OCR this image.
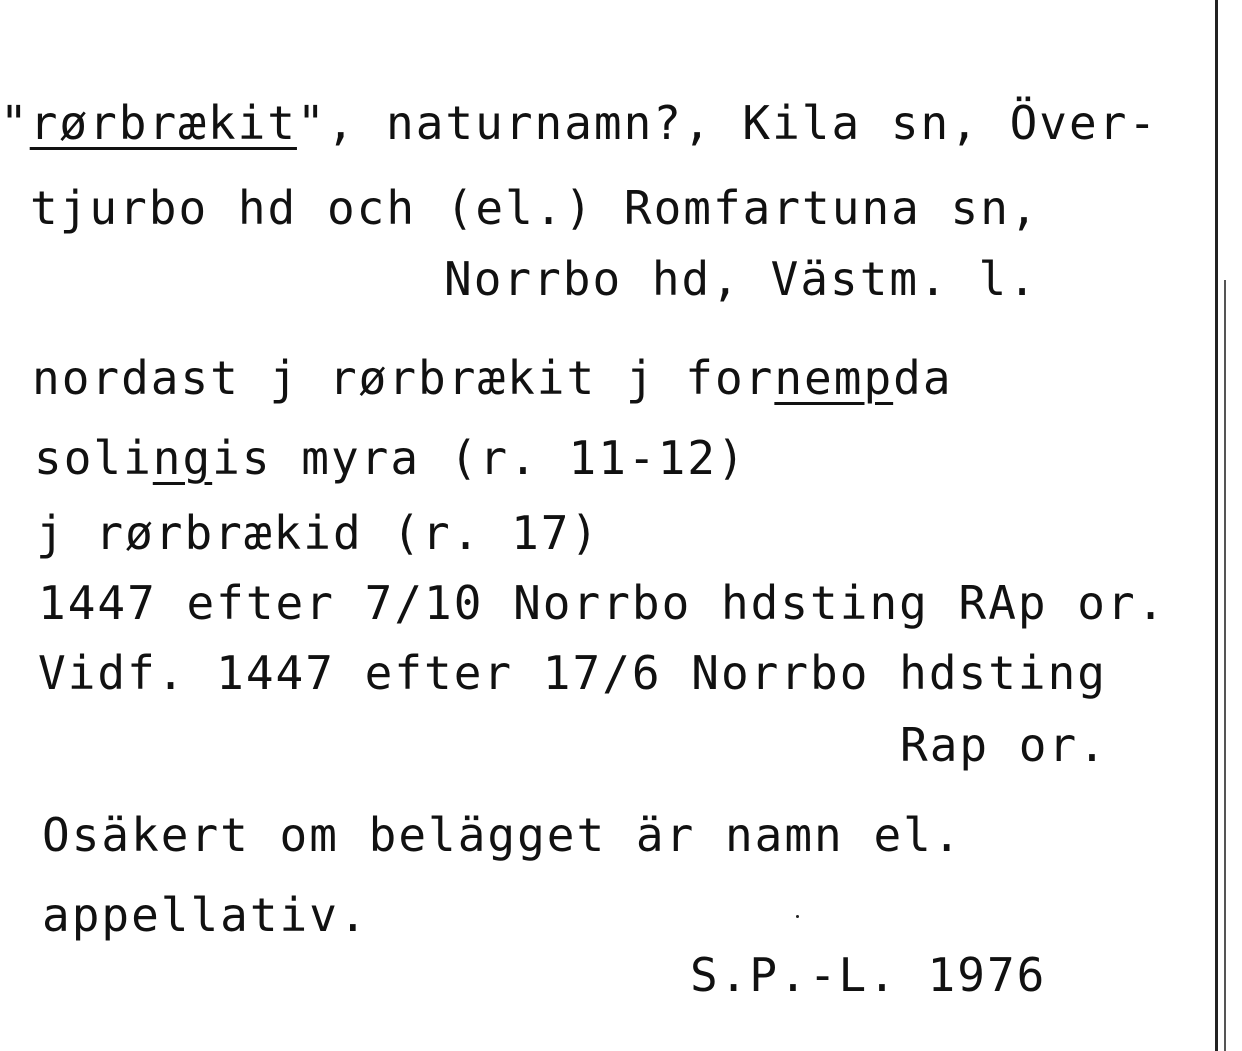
"rørbrækit", naturnamn?, Kila sn, Över-
tjurbo hd och (el.) Romfartuna sn,
Norrbo hd, Västm. l.
nordast j rørbrækit j fornempda
solingis myra (r. 11-12)
j rørbrækid (r. 17)
1447 efter 7/10 Norrbo hdsting RAp or.
Vidf. 1447 efter 17/6 Norrbo hdsting
Rap or.
Osäkert om belägget är namn el.
appellativ.
S.P.-L. 1976
